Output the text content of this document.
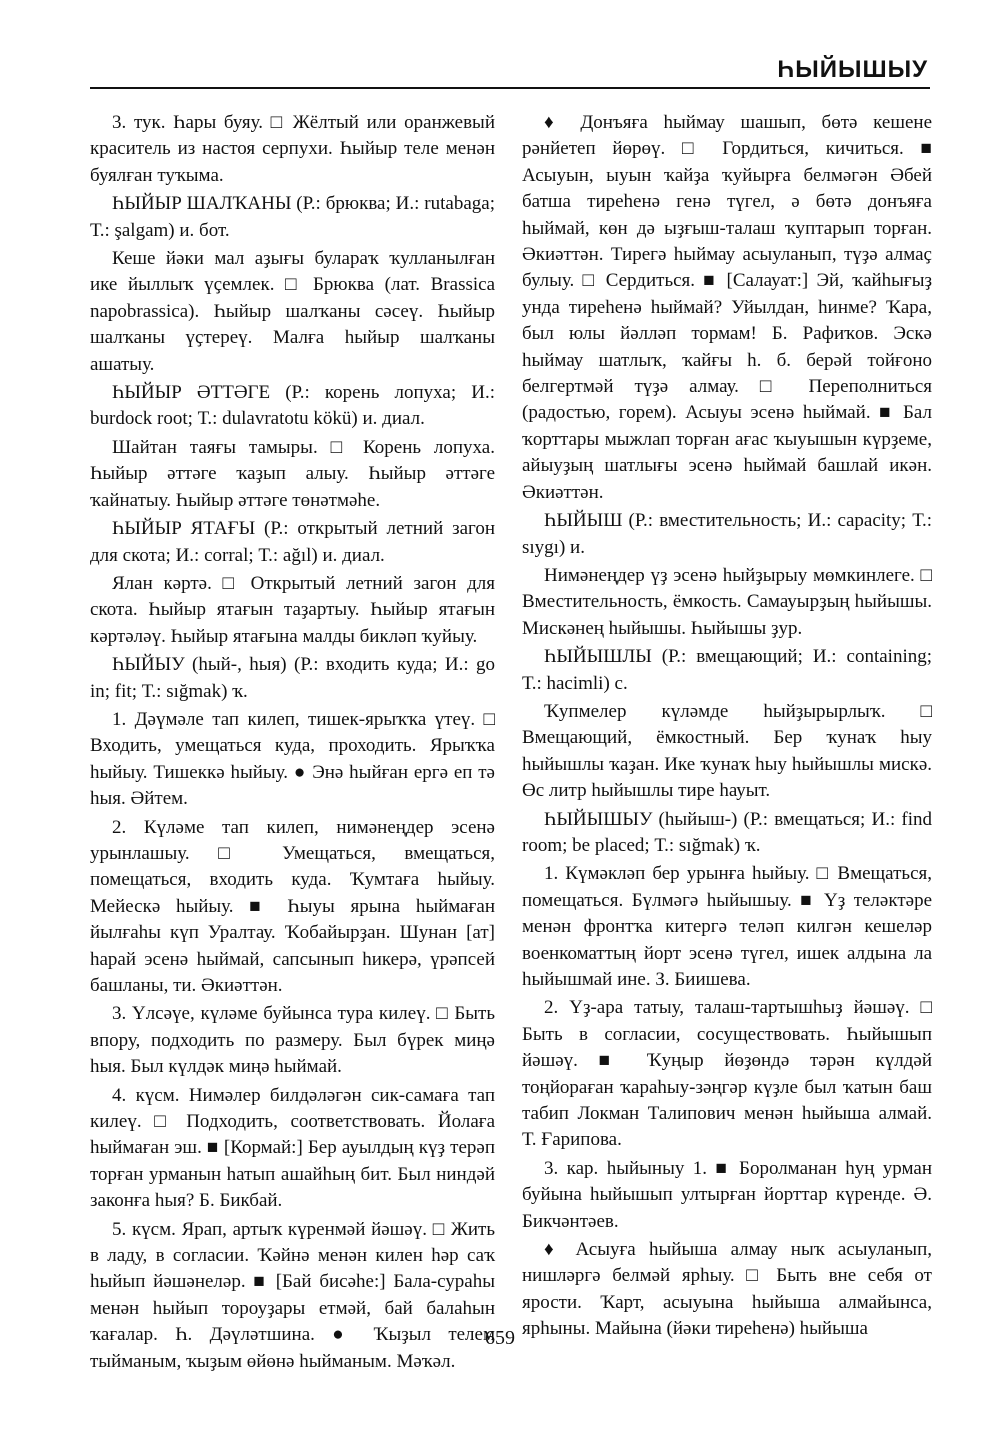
ҺЫЙЫШЫУ

3. тук. Һары буяу. □ Жёлтый или оранжевый краситель из настоя серпухи. Һыйыр теле менән буялған туҡыма.

ҺЫЙЫР ШАЛҠАНЫ (Р.: брюква; И.: rutabaga; Т.: şalgam) и. бот.

Кеше йәки мал аҙығы булараҡ ҡулланылған ике йыллыҡ үҫемлек. □ Брюква (лат. Brassica napobrassica). Һыйыр шалҡаны сәсеү. Һыйыр шалҡаны үҫтереү. Малға һыйыр шалҡаны ашатыу.

ҺЫЙЫР ӘТТӘГЕ (Р.: корень лопуха; И.: burdock root; Т.: dulavratotu kökü) и. диал.

Шайтан таяғы тамыры. □ Корень лопуха. Һыйыр әттәге ҡаҙып алыу. Һыйыр әттәге ҡайнатыу. Һыйыр әттәге төнәтмәһе.

ҺЫЙЫР ЯТАҒЫ (Р.: открытый летний загон для скота; И.: corral; Т.: ağıl) и. диал.

Ялан кәртә. □ Открытый летний загон для скота. Һыйыр ятағын таҙартыу. Һыйыр ятағын кәртәләү. Һыйыр ятағына малды бикләп ҡуйыу.

ҺЫЙЫУ (һый-, һыя) (Р.: входить куда; И.: go in; fit; Т.: sığmak) ҡ.

1. Дәүмәле тап килеп, тишек-ярыҡҡа үтеү. □ Входить, умещаться куда, проходить. Ярыҡҡа һыйыу. Тишеккә һыйыу. ● Энә һыйған ергә еп тә һыя. Әйтем.

2. Күләме тап килеп, нимәнеңдер эсенә урынлашыу. □ Умещаться, вмещаться, помещаться, входить куда. Ҡумтаға һыйыу. Мейескә һыйыу. ■ Һыуы ярына һыймаған йылғаһы күп Уралтау. Ҡобайырҙан. Шунан [ат] һарай эсенә һыймай, сапсынып һикерә, үрәпсей башланы, ти. Әкиәттән.

3. Үлсәүе, күләме буйынса тура килеү. □ Быть впору, подходить по размеру. Был бүрек миңә һыя. Был күлдәк миңә һыймай.

4. күсм. Нимәлер билдәләгән сик-самаға тап килеү. □ Подходить, соответствовать. Йолаға һыймаған эш. ■ [Кормай:] Бер ауылдың күҙ терәп торған урманын һатып ашайһың бит. Был ниндәй законға һыя? Б. Бикбай.

5. күсм. Ярап, артыҡ күренмәй йәшәү. □ Жить в ладу, в согласии. Ҡәйнә менән килен һәр саҡ һыйып йәшәнеләр. ■ [Бай бисәһе:] Бала-сураһы менән һыйып тороуҙары етмәй, бай балаһын ҡағалар. Һ. Дәүләтшина. ● Ҡыҙыл телем тыйманым, ҡыҙым өйөнә һыйманым. Мәҡәл.

♦ Донъяға һыймау шашып, бөтә кешене рәнйетеп йөрөү. □ Гордиться, кичиться. ■ Асыуын, ыуын ҡайҙа ҡуйырға белмәгән Әбей батша тиреһенә генә түгел, ә бөтә донъяға һыймай, көн дә ыҙғыш-талаш ҡуптарып торған. Әкиәттән. Тирегә һыймау асыуланып, түҙә алмаҫ булыу. □ Сердиться. ■ [Салауат:] Эй, ҡайһығыҙ унда тиреһенә һыймай? Уйылдан, һинме? Ҡара, был юлы йәлләп тормам! Б. Рафиҡов. Эскә һыймау шатлыҡ, ҡайғы һ. б. берәй тойғоно белгертмәй түҙә алмау. □ Переполниться (радостью, горем). Асыуы эсенә һыймай. ■ Бал ҡорттары мыжлап торған ағас ҡыуышын күрҙеме, айыуҙың шатлығы эсенә һыймай башлай икән. Әкиәттән.

ҺЫЙЫШ (Р.: вместительность; И.: capacity; Т.: sıygı) и.

Нимәнеңдер үҙ эсенә һыйҙырыу мөмкинлеге. □ Вместительность, ёмкость. Самауырҙың һыйышы. Мискәнең һыйышы. Һыйышы ҙур.

ҺЫЙЫШЛЫ (Р.: вмещающий; И.: containing; Т.: hacimli) с.

Ҡупмелер күләмде һыйҙырырлыҡ. □ Вмещающий, ёмкостный. Бер ҡунаҡ һыу һыйышлы ҡаҙан. Ике ҡунаҡ һыу һыйышлы мискә. Өс литр һыйышлы тире һауыт.

ҺЫЙЫШЫУ (һыйыш-) (Р.: вмещаться; И.: find room; be placed; Т.: sığmak) ҡ.

1. Күмәкләп бер урынға һыйыу. □ Вмещаться, помещаться. Бүлмәгә һыйышыу. ■ Үҙ теләктәре менән фронтҡа китергә теләп килгән кешеләр военкоматтың йорт эсенә түгел, ишек алдына ла һыйышмай ине. З. Биишева.

2. Үҙ-ара татыу, талаш-тартышһыҙ йәшәү. □ Быть в согласии, сосуществовать. Һыйышып йәшәү. ■ Ҡуңыр йөҙөндә тәрән күлдәй тоңйораған ҡараһыу-зәңгәр күҙле был ҡатын баш табип Локман Талипович менән һыйыша алмай. Т. Ғарипова.

3. кар. һыйыныу 1. ■ Боролманан һуң урман буйына һыйышып ултырған йорттар күренде. Ә. Бикчәнтәев.

♦ Асыуға һыйыша алмау ныҡ асыуланып, нишләргә белмәй ярһыу. □ Быть вне себя от ярости. Ҡарт, асыуына һыйыша алмайынса, ярһыны. Майына (йәки тиреһенә) һыйыша

659
